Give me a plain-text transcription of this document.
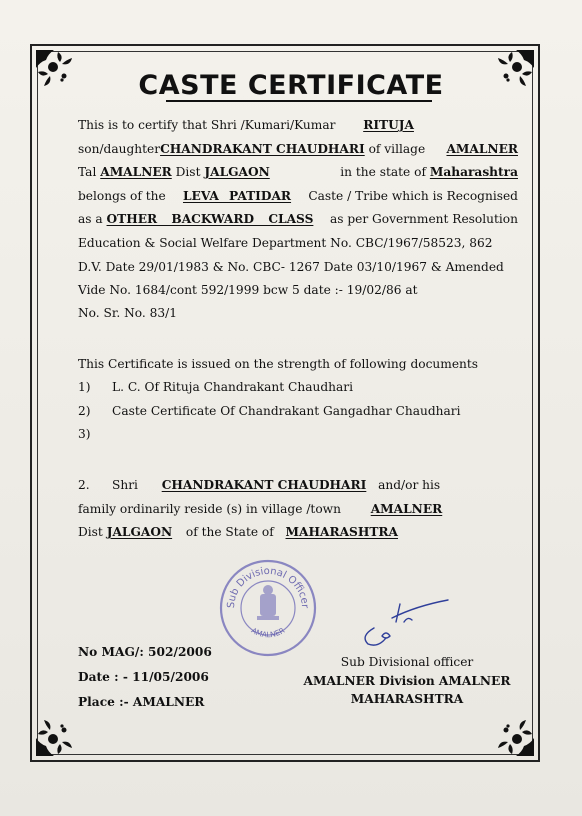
CASTE CERTIFICATE
This is to certify that Shri /Kumari/Kumar RITUJA
son/daughterCHANDRAKANT CHAUDHARI of village AMALNER
Tal AMALNER Dist JALGAON	in the state of Maharashtra
belongs of the LEVA PATIDAR Caste / Tribe which is Recognised
as a OTHER BACKWARD CLASS as per Government Resolution
Education & Social Welfare Department No. CBC/1967/58523, 862
D.V. Date 29/01/1983 & No. CBC- 1267 Date 03/10/1967 & Amended
Vide No. 1684/cont 592/1999 bcw 5 date :- 19/02/86 at
No. Sr. No. 83/1
This Certificate is issued on the strength of following documents
1) L. C. Of Rituja Chandrakant Chaudhari
2) Caste Certificate Of Chandrakant Gangadhar Chaudhari
3)
2. Shri CHANDRAKANT CHAUDHARI and/or his
family ordinarily reside (s) in village /town AMALNER
Dist JALGAON of the State of MAHARASHTRA
Sub Divisional Officer
AMALNER
Sub Divisional officer
AMALNER Division AMALNER
MAHARASHTRA
No MAG/: 502/2006
Date : - 11/05/2006
Place :- AMALNER
